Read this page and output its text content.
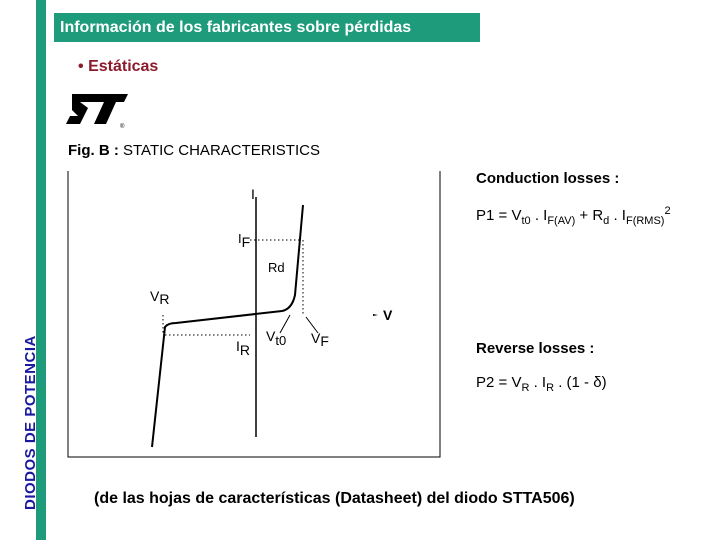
DIODOS DE POTENCIA
Información de los fabricantes sobre pérdidas
• Estáticas
®
Fig. B : STATIC CHARACTERISTICS
I
IF
Rd
VR
V
IR
Vt0 VF
Conduction losses :
$P1 = V_{t0}$ . $I_{F(AV)} + R_d$ . $I_{F(RMS)}^2$
Reverse losses :
$P2 = V_R$ . $I_R$ . (1 - δ)
(de las hojas de características (Datasheet) del diodo STTA506)
